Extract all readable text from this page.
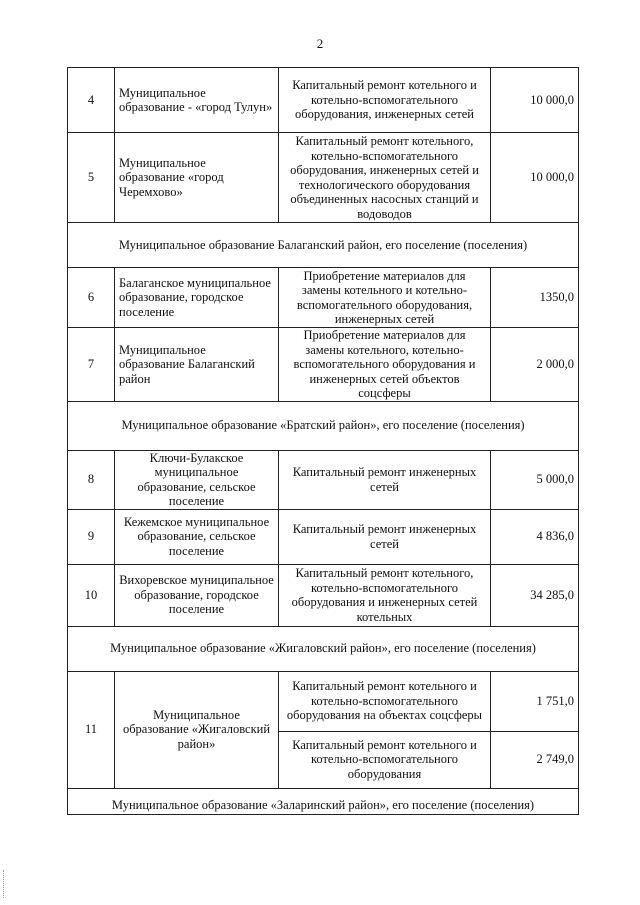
2
4	Муниципальное образование - «город Тулун»	Капитальный ремонт котельного и котельно-вспомогательного оборудования, инженерных сетей	10 000,0
5	Муниципальное образование «город Черемхово»	Капитальный ремонт котельного, котельно-вспомогательного оборудования, инженерных сетей и технологического оборудования объединенных насосных станций и водоводов	10 000,0
Муниципальное образование Балаганский район, его поселение (поселения)			
6	Балаганское муниципальное образование, городское поселение	Приобретение материалов для замены котельного и котельно-вспомогательного оборудования, инженерных сетей	1350,0
7	Муниципальное образование Балаганский район	Приобретение материалов для замены котельного, котельно-вспомогательного оборудования и инженерных сетей объектов соцсферы	2 000,0
Муниципальное образование «Братский район», его поселение (поселения)			
8	Ключи-Булакское муниципальное образование, сельское поселение	Капитальный ремонт инженерных сетей	5 000,0
9	Кежемское муниципальное образование, сельское поселение	Капитальный ремонт инженерных сетей	4 836,0
10	Вихоревское муниципальное образование, городское поселение	Капитальный ремонт котельного, котельно-вспомогательного оборудования и инженерных сетей котельных	34 285,0
Муниципальное образование «Жигаловский район», его поселение (поселения)			
11	Муниципальное образование «Жигаловский район»	Капитальный ремонт котельного и котельно-вспомогательного оборудования на объектах соцсферы	1 751,0
		Капитальный ремонт котельного и котельно-вспомогательного оборудования	2 749,0
Муниципальное образование «Заларинский район», его поселение (поселения)			
